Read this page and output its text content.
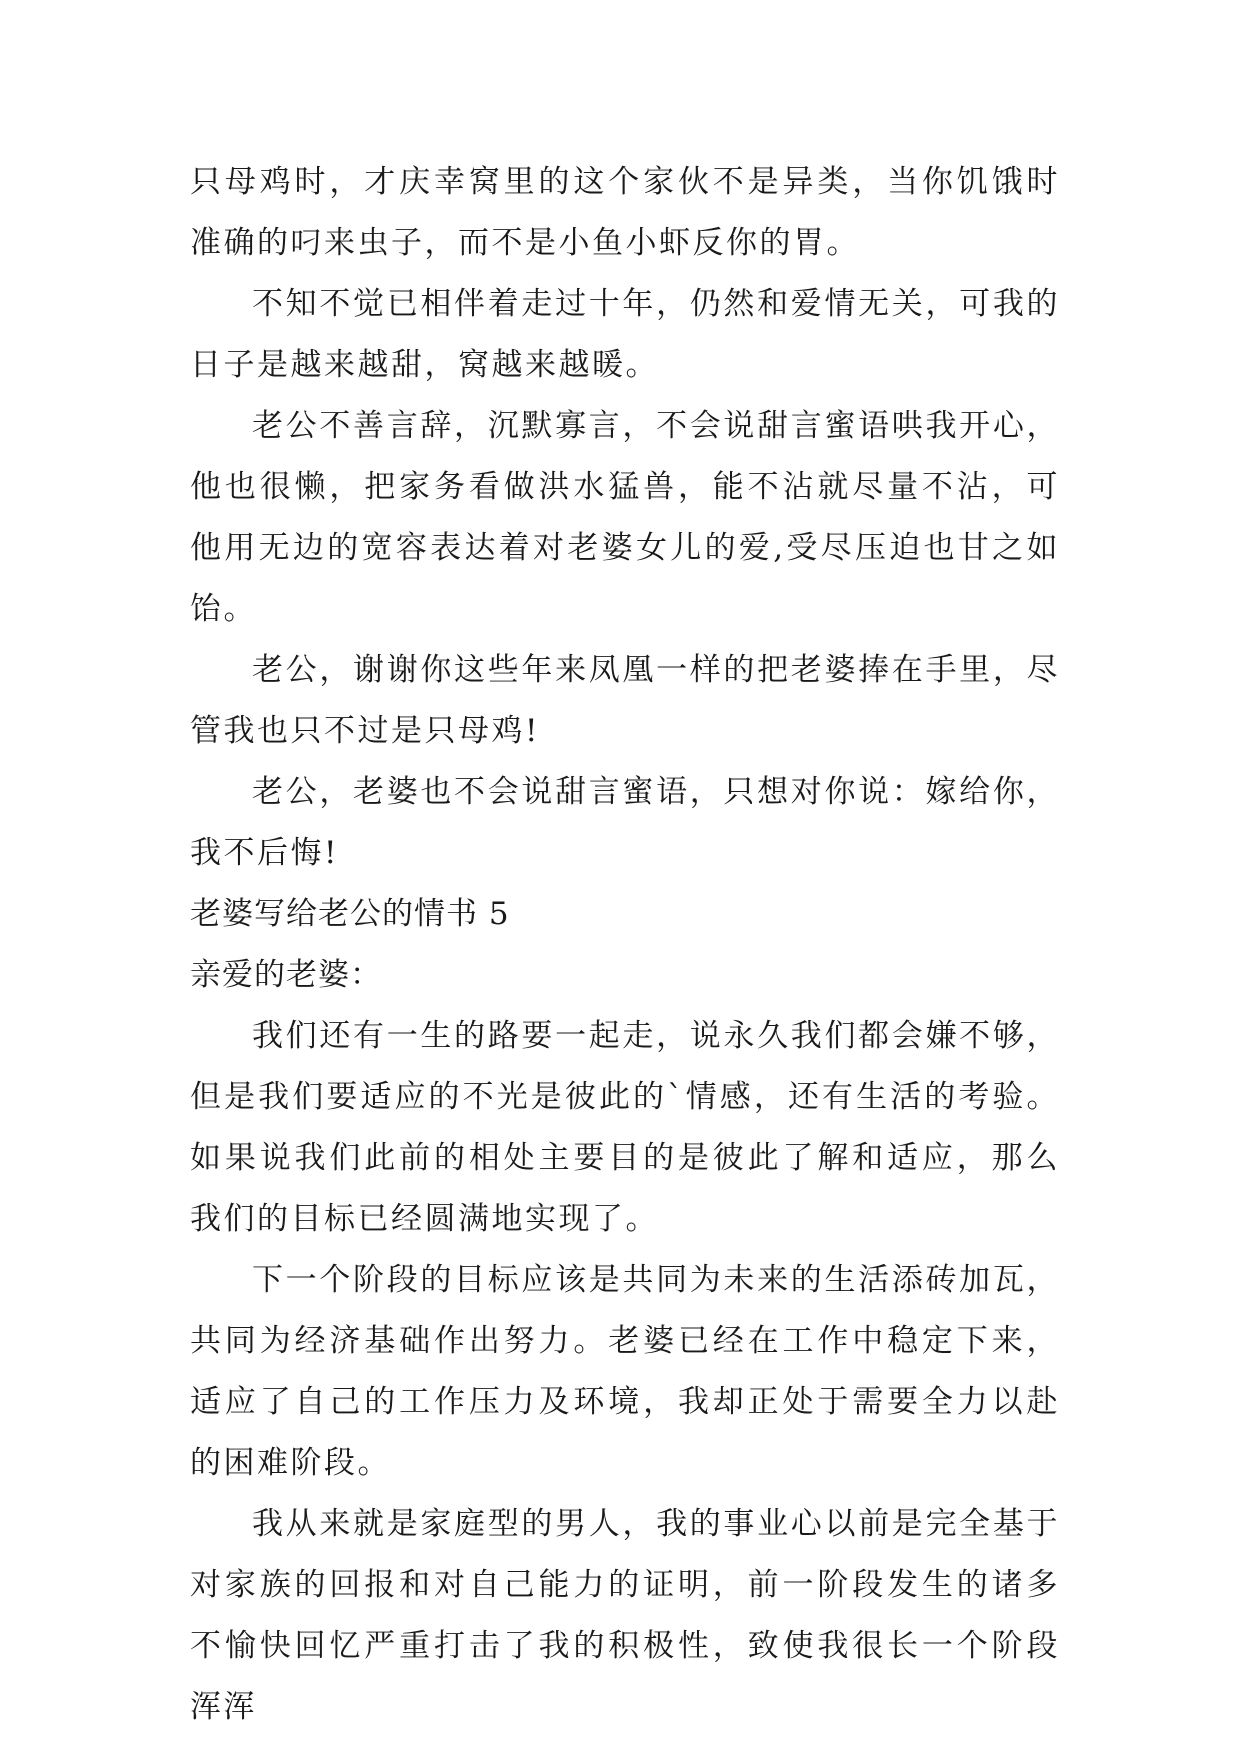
只母鸡时，才庆幸窝里的这个家伙不是异类，当你饥饿时准确的叼来虫子，而不是小鱼小虾反你的胃。

不知不觉已相伴着走过十年，仍然和爱情无关，可我的日子是越来越甜，窝越来越暖。

老公不善言辞，沉默寡言，不会说甜言蜜语哄我开心，他也很懒，把家务看做洪水猛兽，能不沾就尽量不沾，可他用无边的宽容表达着对老婆女儿的爱,受尽压迫也甘之如饴。

老公，谢谢你这些年来凤凰一样的把老婆捧在手里，尽管我也只不过是只母鸡!

老公，老婆也不会说甜言蜜语，只想对你说：嫁给你，我不后悔!

老婆写给老公的情书 5

亲爱的老婆：

我们还有一生的路要一起走，说永久我们都会嫌不够，但是我们要适应的不光是彼此的`情感，还有生活的考验。如果说我们此前的相处主要目的是彼此了解和适应，那么我们的目标已经圆满地实现了。

下一个阶段的目标应该是共同为未来的生活添砖加瓦，共同为经济基础作出努力。老婆已经在工作中稳定下来，适应了自己的工作压力及环境，我却正处于需要全力以赴的困难阶段。

我从来就是家庭型的男人，我的事业心以前是完全基于对家族的回报和对自己能力的证明，前一阶段发生的诸多不愉快回忆严重打击了我的积极性，致使我很长一个阶段浑浑
